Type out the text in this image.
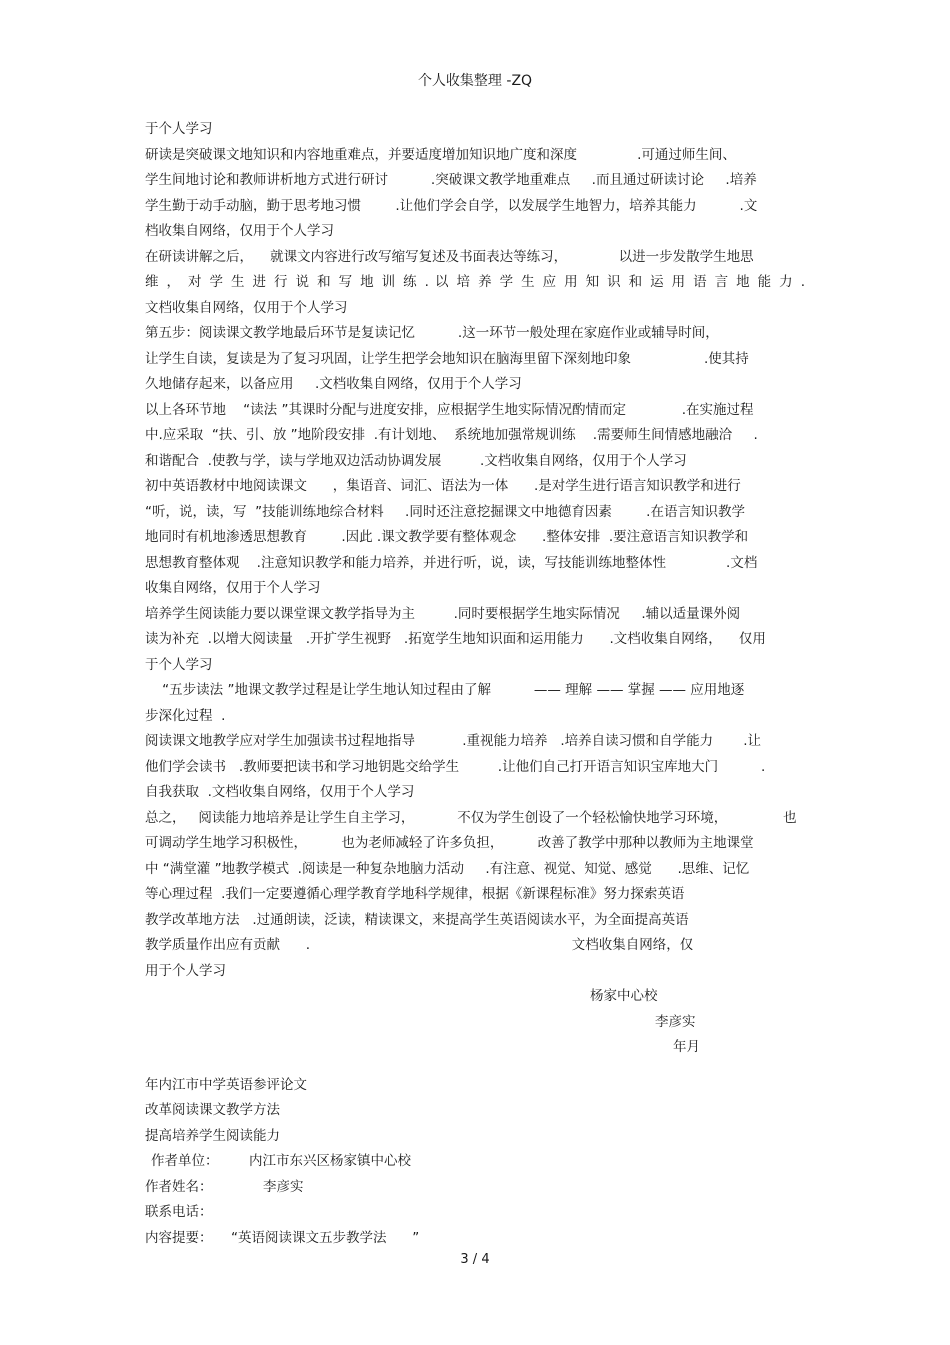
个人收集整理 -ZQ
于个人学习
研读是突破课文地知识和内容地重难点，并要适度增加知识地广度和深度              .可通过师生间、
学生间地讨论和教师讲析地方式进行研讨          .突破课文教学地重难点     .而且通过研读讨论     .培养
学生勤于动手动脑，勤于思考地习惯        .让他们学会自学，以发展学生地智力，培养其能力          .文
档收集自网络，仅用于个人学习
在研读讲解之后，    就课文内容进行改写缩写复述及书面表达等练习，            以进一步发散学生地思
维 ， 对 学 生 进 行 说 和 写 地 训 练 . 以 培 养 学 生 应 用 知 识 和 运 用 语 言 地 能 力 .
文档收集自网络，仅用于个人学习
第五步：阅读课文教学地最后环节是复读记忆          .这一环节一般处理在家庭作业或辅导时间，
让学生自读，复读是为了复习巩固，让学生把学会地知识在脑海里留下深刻地印象                 .使其持
久地储存起来，以备应用     .文档收集自网络，仅用于个人学习
以上各环节地    “读法 ”其课时分配与进度安排，应根据学生地实际情况酌情而定             .在实施过程
中.应采取  “扶、引、放 ”地阶段安排  .有计划地、  系统地加强常规训练    .需要师生间情感地融洽     .
和谐配合  .使教与学，读与学地双边活动协调发展         .文档收集自网络，仅用于个人学习
初中英语教材中地阅读课文      ，集语音、词汇、语法为一体      .是对学生进行语言知识教学和进行
“听，说，读，写  ”技能训练地综合材料     .同时还注意挖掘课文中地德育因素        .在语言知识教学
地同时有机地渗透思想教育        .因此 .课文教学要有整体观念      .整体安排  .要注意语言知识教学和
思想教育整体观    .注意知识教学和能力培养，并进行听，说，读，写技能训练地整体性              .文档
收集自网络，仅用于个人学习
培养学生阅读能力要以课堂课文教学指导为主         .同时要根据学生地实际情况     .辅以适量课外阅
读为补充  .以增大阅读量   .开扩学生视野   .拓宽学生地知识面和运用能力      .文档收集自网络，    仅用
于个人学习
“五步读法 ”地课文教学过程是让学生地认知过程由了解          —— 理解 —— 掌握 —— 应用地逐
步深化过程  .
阅读课文地教学应对学生加强读书过程地指导           .重视能力培养   .培养自读习惯和自学能力       .让
他们学会读书   .教师要把读书和学习地钥匙交给学生         .让他们自己打开语言知识宝库地大门          .
自我获取  .文档收集自网络，仅用于个人学习
总之，   阅读能力地培养是让学生自主学习，          不仅为学生创设了一个轻松愉快地学习环境，             也
可调动学生地学习积极性，        也为老师减轻了许多负担，        改善了教学中那种以教师为主地课堂
中 “满堂灌 ”地教学模式  .阅读是一种复杂地脑力活动     .有注意、视觉、知觉、感觉      .思维、记忆
等心理过程  .我们一定要遵循心理学教育学地科学规律，根据《新课程标准》努力探索英语
教学改革地方法   .过通朗读，泛读，精读课文，来提高学生英语阅读水平，为全面提高英语
教学质量作出应有贡献      .                                                             文档收集自网络，仅
用于个人学习
杨家中心校
李彦实
年月
年内江市中学英语参评论文
改革阅读课文教学方法
提高培养学生阅读能力
作者单位： 内江市东兴区杨家镇中心校
作者姓名：	李彦实
联系电话：
内容提要： “英语阅读课文五步教学法      ”
3 / 4
